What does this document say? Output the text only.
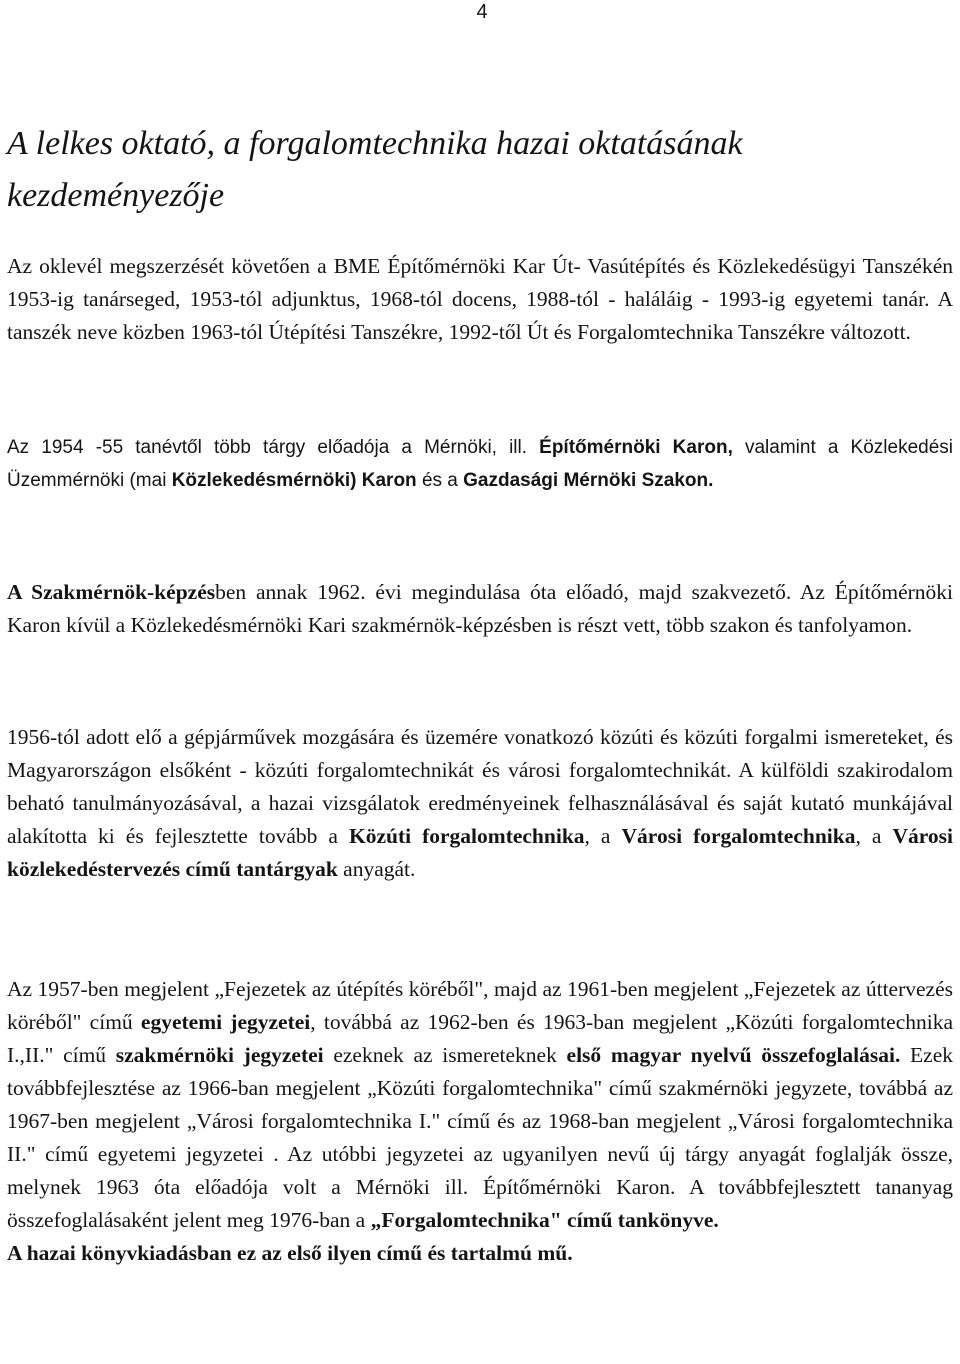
4
A lelkes oktató, a forgalomtechnika hazai oktatásának kezdeményezője

Az oklevél megszerzését követően a BME Építőmérnöki Kar Út- Vasútépítés és Közlekedésügyi Tanszékén 1953-ig tanárseged, 1953-tól adjunktus, 1968-tól docens, 1988-tól - haláláig - 1993-ig egyetemi tanár. A tanszék neve közben 1963-tól Útépítési Tanszékre, 1992-től Út és Forgalomtechnika Tanszékre változott.

Az 1954 -55 tanévtől több tárgy előadója a Mérnöki, ill. Építőmérnöki Karon, valamint a Közlekedési Üzemmérnöki (mai Közlekedésmérnöki) Karon és a Gazdasági Mérnöki Szakon.

A Szakmérnök-képzésben annak 1962. évi megindulása óta előadó, majd szakvezető. Az Építőmérnöki Karon kívül a Közlekedésmérnöki Kari szakmérnök-képzésben is részt vett, több szakon és tanfolyamon.

1956-tól adott elő a gépjárművek mozgására és üzemére vonatkozó közúti és közúti forgalmi ismereteket, és Magyarországon elsőként - közúti forgalomtechnikát és városi forgalomtechnikát. A külföldi szakirodalom beható tanulmányozásával, a hazai vizsgálatok eredményeinek felhasználásával és saját kutató munkájával alakította ki és fejlesztette tovább a Közúti forgalomtechnika, a Városi forgalomtechnika, a Városi közlekedéstervezés című tantárgyak anyagát.

Az 1957-ben megjelent „Fejezetek az útépítés köréből", majd az 1961-ben megjelent „Fejezetek az úttervezés köréből" című egyetemi jegyzetei, továbbá az 1962-ben és 1963-ban megjelent „Közúti forgalomtechnika I.,II." című szakmérnöki jegyzetei ezeknek az ismereteknek első magyar nyelvű összefoglalásai. Ezek továbbfejlesztése az 1966-ban megjelent „Közúti forgalomtechnika" című szakmérnöki jegyzete, továbbá az 1967-ben megjelent „Városi forgalomtechnika I." című és az 1968-ban megjelent „Városi forgalomtechnika II." című egyetemi jegyzetei . Az utóbbi jegyzetei az ugyanilyen nevű új tárgy anyagát foglalják össze, melynek 1963 óta előadója volt a Mérnöki ill. Építőmérnöki Karon. A továbbfejlesztett tananyag összefoglalásaként jelent meg 1976-ban a „Forgalomtechnika" című tankönyve.
A hazai könyvkiadásban ez az első ilyen című és tartalmú mű.
